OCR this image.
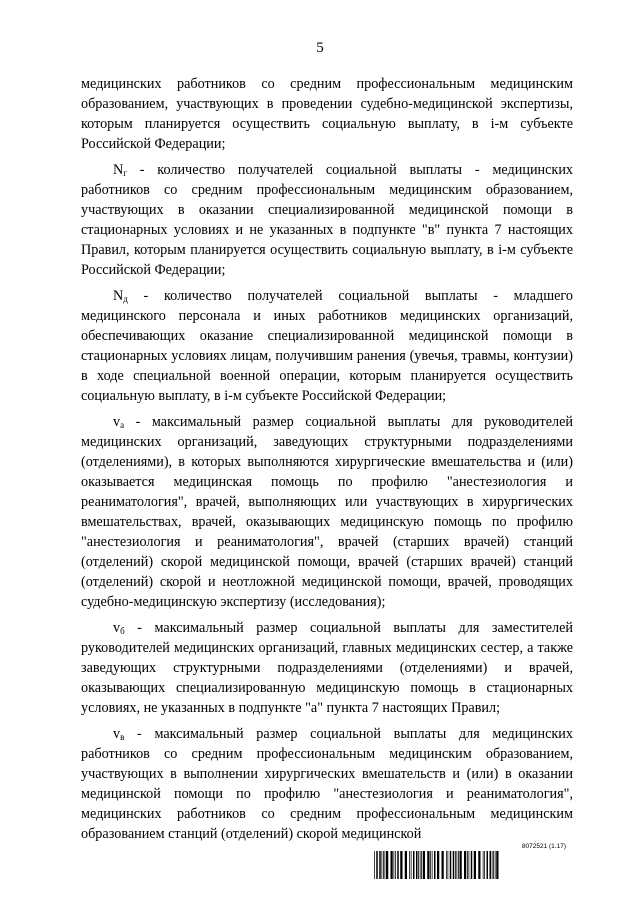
5

медицинских работников со средним профессиональным медицинским образованием, участвующих в проведении судебно-медицинской экспертизы, которым планируется осуществить социальную выплату, в i-м субъекте Российской Федерации;

$N_г$ - количество получателей социальной выплаты - медицинских работников со средним профессиональным медицинским образованием, участвующих в оказании специализированной медицинской помощи в стационарных условиях и не указанных в подпункте "в" пункта 7 настоящих Правил, которым планируется осуществить социальную выплату, в i-м субъекте Российской Федерации;

$N_д$ - количество получателей социальной выплаты - младшего медицинского персонала и иных работников медицинских организаций, обеспечивающих оказание специализированной медицинской помощи в стационарных условиях лицам, получившим ранения (увечья, травмы, контузии) в ходе специальной военной операции, которым планируется осуществить социальную выплату, в i-м субъекте Российской Федерации;

$v_а$ - максимальный размер социальной выплаты для руководителей медицинских организаций, заведующих структурными подразделениями (отделениями), в которых выполняются хирургические вмешательства и (или) оказывается медицинская помощь по профилю "анестезиология и реаниматология", врачей, выполняющих или участвующих в хирургических вмешательствах, врачей, оказывающих медицинскую помощь по профилю "анестезиология и реаниматология", врачей (старших врачей) станций (отделений) скорой медицинской помощи, врачей (старших врачей) станций (отделений) скорой и неотложной медицинской помощи, врачей, проводящих судебно-медицинскую экспертизу (исследования);

$v_б$ - максимальный размер социальной выплаты для заместителей руководителей медицинских организаций, главных медицинских сестер, а также заведующих структурными подразделениями (отделениями) и врачей, оказывающих специализированную медицинскую помощь в стационарных условиях, не указанных в подпункте "а" пункта 7 настоящих Правил;

$v_в$ - максимальный размер социальной выплаты для медицинских работников со средним профессиональным медицинским образованием, участвующих в выполнении хирургических вмешательств и (или) в оказании медицинской помощи по профилю "анестезиология и реаниматология", медицинских работников со средним профессиональным медицинским образованием станций (отделений) скорой медицинской

8072521 (1.17)
